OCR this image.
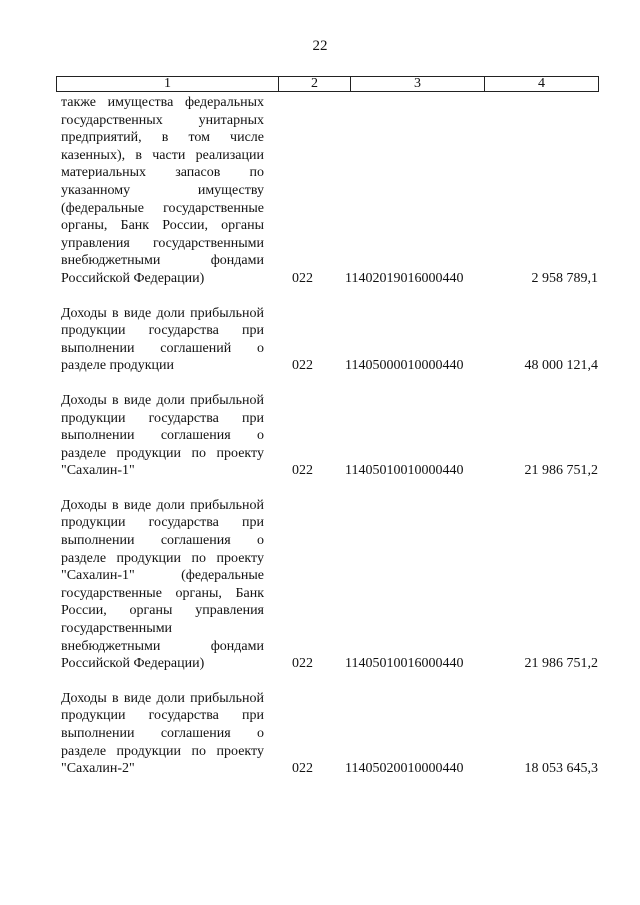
22
1	2	3	4
также имущества федеральных государственных унитарных предприятий, в том числе казенных), в части реализации материальных запасов по указанному имуществу (федеральные государственные органы, Банк России, органы управления государственными внебюджетными фондами Российской Федерации)	022 11402019016000440	2 958 789,1
Доходы в виде доли прибыльной продукции государства при выполнении соглашений о разделе продукции	022 11405000010000440	48 000 121,4
Доходы в виде доли прибыльной продукции государства при выполнении соглашения о разделе продукции по проекту "Сахалин-1"	022 11405010010000440	21 986 751,2
Доходы в виде доли прибыльной продукции государства при выполнении соглашения о разделе продукции по проекту "Сахалин-1" (федеральные государственные органы, Банк России, органы управления государственными внебюджетными фондами Российской Федерации)	022 11405010016000440	21 986 751,2
Доходы в виде доли прибыльной продукции государства при выполнении соглашения о разделе продукции по проекту "Сахалин-2"	022 11405020010000440	18 053 645,3
